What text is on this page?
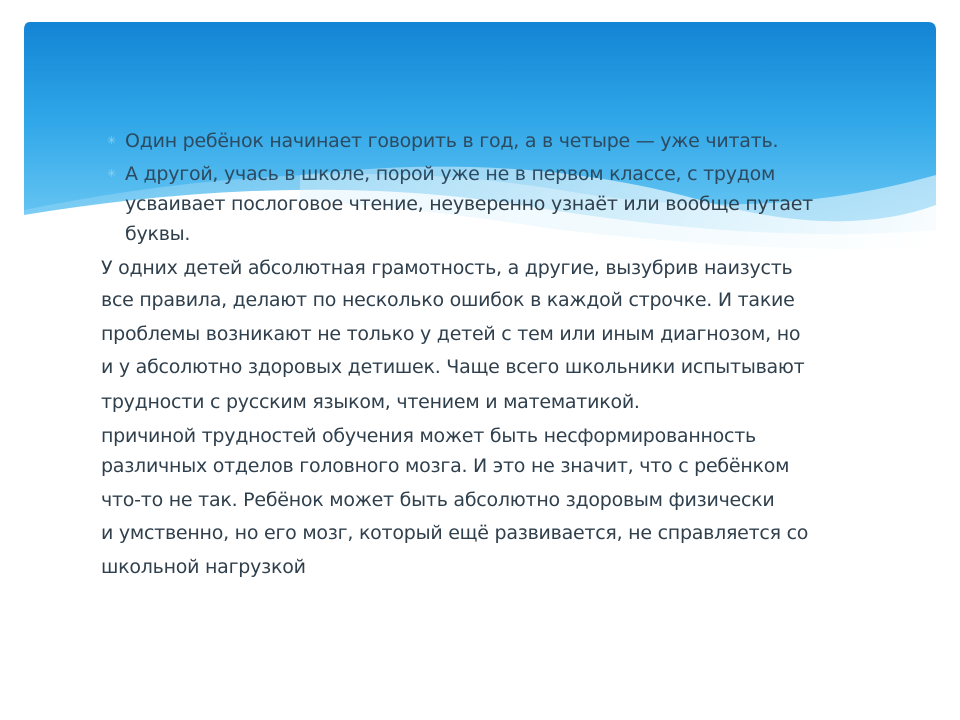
✳ Один ребёнок начинает говорить в год, а в четыре — уже читать.
✳ А другой, учась в школе, порой уже не в первом классе, с трудом
усваивает послоговое чтение, неуверенно узнаёт или вообще путает
буквы.
У одних детей абсолютная грамотность, а другие, вызубрив наизусть
все правила, делают по несколько ошибок в каждой строчке. И такие
проблемы возникают не только у детей с тем или иным диагнозом, но
и у абсолютно здоровых детишек. Чаще всего школьники испытывают
трудности с русским языком, чтением и математикой.
причиной трудностей обучения может быть несформированность
различных отделов головного мозга. И это не значит, что с ребёнком
что-то не так. Ребёнок может быть абсолютно здоровым физически
и умственно, но его мозг, который ещё развивается, не справляется со
школьной нагрузкой
